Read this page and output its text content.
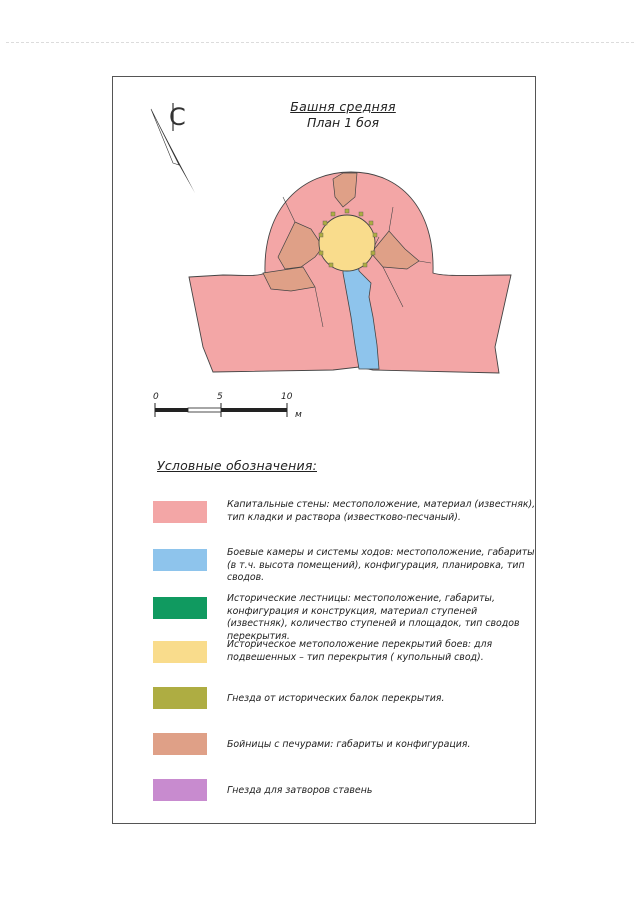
Башня средняя
План 1 боя
С
0	5	10
м
Условные обозначения:
Капитальные стены: местоположение, материал (известняк), тип кладки и раствора (известково-песчаный).
Боевые камеры и системы ходов: местоположение, габариты (в т.ч. высота помещений), конфигурация, планировка, тип сводов.
Исторические лестницы: местоположение, габариты, конфигурация и конструкция, материал ступеней (известняк), количество ступеней и площадок, тип сводов перекрытия.
Историческое метоположение перекрытий боев: для подвешенных – тип перекрытия ( купольный свод).
Гнезда от исторических балок перекрытия.
Бойницы с печурами: габариты и конфигурация.
Гнезда для затворов ставень
